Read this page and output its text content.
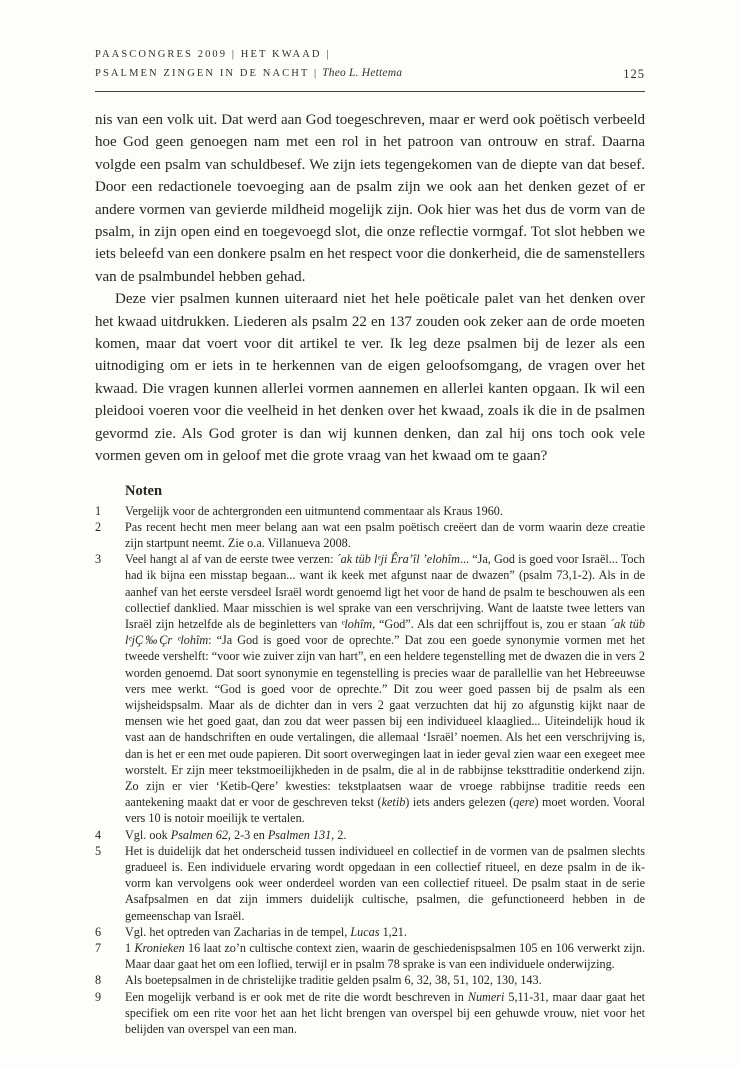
PAASCONGRES 2009 | HET KWAAD |
PSALMEN ZINGEN IN DE NACHT | Theo L. Hettema	125

nis van een volk uit. Dat werd aan God toegeschreven, maar er werd ook poëtisch verbeeld hoe God geen genoegen nam met een rol in het patroon van ontrouw en straf. Daarna volgde een psalm van schuldbesef. We zijn iets tegengekomen van de diepte van dat besef. Door een redactionele toevoeging aan de psalm zijn we ook aan het denken gezet of er andere vormen van gevierde mildheid mogelijk zijn. Ook hier was het dus de vorm van de psalm, in zijn open eind en toegevoegd slot, die onze reflectie vormgaf. Tot slot hebben we iets beleefd van een donkere psalm en het respect voor die donkerheid, die de samenstellers van de psalmbundel hebben gehad.

Deze vier psalmen kunnen uiteraard niet het hele poëticale palet van het denken over het kwaad uitdrukken. Liederen als psalm 22 en 137 zouden ook zeker aan de orde moeten komen, maar dat voert voor dit artikel te ver. Ik leg deze psalmen bij de lezer als een uitnodiging om er iets in te herkennen van de eigen geloofsomgang, de vragen over het kwaad. Die vragen kunnen allerlei vormen aannemen en allerlei kanten opgaan. Ik wil een pleidooi voeren voor die veelheid in het denken over het kwaad, zoals ik die in de psalmen gevormd zie. Als God groter is dan wij kunnen denken, dan zal hij ons toch ook vele vormen geven om in geloof met die grote vraag van het kwaad om te gaan?

Noten
1	Vergelijk voor de achtergronden een uitmuntend commentaar als Kraus 1960.
2	Pas recent hecht men meer belang aan wat een psalm poëtisch creëert dan de vorm waarin deze creatie zijn startpunt neemt. Zie o.a. Villanueva 2008.
3	Veel hangt al af van de eerste twee verzen: ´ak tüb lᵉji Êra’îl ’elohîm... “Ja, God is goed voor Israël... Toch had ik bijna een misstap begaan... want ik keek met afgunst naar de dwazen” (psalm 73,1-2). Als in de aanhef van het eerste versdeel Israël wordt genoemd ligt het voor de hand de psalm te beschouwen als een collectief danklied. Maar misschien is wel sprake van een verschrijving. Want de laatste twee letters van Israël zijn hetzelfde als de beginletters van ᵉlohîm, “God”. Als dat een schrijffout is, zou er staan ´ak tüb lᵉjÇ‰Çr ᵉlohîm: “Ja God is goed voor de oprechte.” Dat zou een goede synonymie vormen met het tweede vershelft: “voor wie zuiver zijn van hart”, en een heldere tegenstelling met de dwazen die in vers 2 worden genoemd. Dat soort synonymie en tegenstelling is precies waar de parallellie van het Hebreeuwse vers mee werkt. “God is goed voor de oprechte.” Dit zou weer goed passen bij de psalm als een wijsheidspsalm. Maar als de dichter dan in vers 2 gaat verzuchten dat hij zo afgunstig kijkt naar de mensen wie het goed gaat, dan zou dat weer passen bij een individueel klaaglied... Uiteindelijk houd ik vast aan de handschriften en oude vertalingen, die allemaal ‘Israël’ noemen. Als het een verschrijving is, dan is het er een met oude papieren. Dit soort overwegingen laat in ieder geval zien waar een exegeet mee worstelt. Er zijn meer tekstmoeilijkheden in de psalm, die al in de rabbijnse teksttraditie onderkend zijn. Zo zijn er vier ‘Ketib-Qere’ kwesties: tekstplaatsen waar de vroege rabbijnse traditie reeds een aantekening maakt dat er voor de geschreven tekst (ketib) iets anders gelezen (qere) moet worden. Vooral vers 10 is notoir moeilijk te vertalen.
4	Vgl. ook Psalmen 62, 2-3 en Psalmen 131, 2.
5	Het is duidelijk dat het onderscheid tussen individueel en collectief in de vormen van de psalmen slechts gradueel is. Een individuele ervaring wordt opgedaan in een collectief ritueel, en deze psalm in de ik-vorm kan vervolgens ook weer onderdeel worden van een collectief ritueel. De psalm staat in de serie Asafpsalmen en dat zijn immers duidelijk cultische, psalmen, die gefunctioneerd hebben in de gemeenschap van Israël.
6	Vgl. het optreden van Zacharias in de tempel, Lucas 1,21.
7	1 Kronieken 16 laat zo’n cultische context zien, waarin de geschiedenispsalmen 105 en 106 verwerkt zijn. Maar daar gaat het om een loflied, terwijl er in psalm 78 sprake is van een individuele onderwijzing.
8	Als boetepsalmen in de christelijke traditie gelden psalm 6, 32, 38, 51, 102, 130, 143.
9	Een mogelijk verband is er ook met de rite die wordt beschreven in Numeri 5,11-31, maar daar gaat het specifiek om een rite voor het aan het licht brengen van overspel bij een gehuwde vrouw, niet voor het belijden van overspel van een man.
